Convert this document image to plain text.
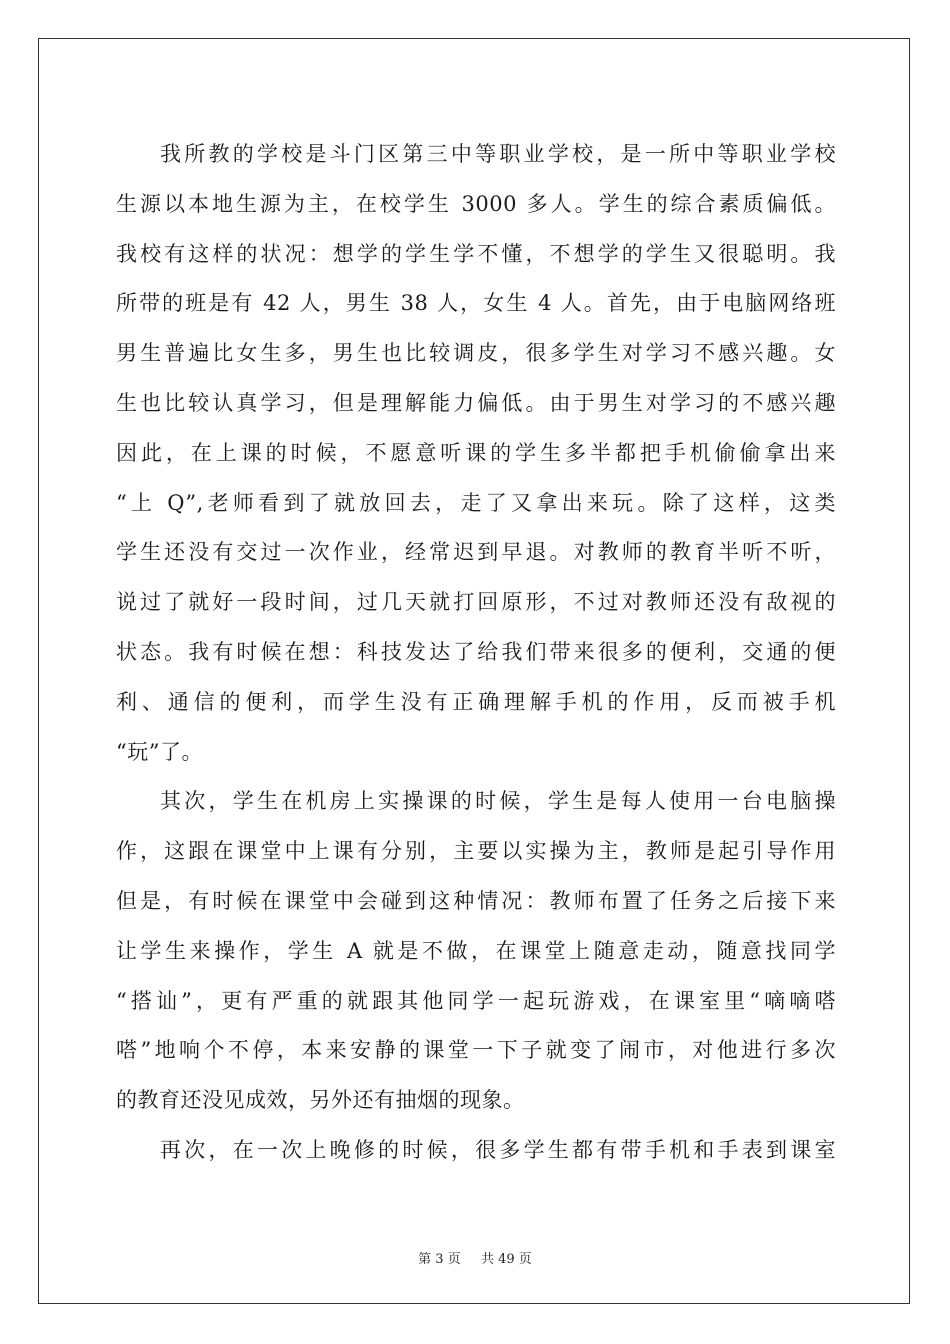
我所教的学校是斗门区第三中等职业学校，是一所中等职业学校
生源以本地生源为主，在校学生 3000 多人。学生的综合素质偏低。
我校有这样的状况：想学的学生学不懂，不想学的学生又很聪明。我
所带的班是有 42 人，男生 38 人，女生 4 人。首先，由于电脑网络班
男生普遍比女生多，男生也比较调皮，很多学生对学习不感兴趣。女
生也比较认真学习，但是理解能力偏低。由于男生对学习的不感兴趣
因此，在上课的时候，不愿意听课的学生多半都把手机偷偷拿出来
“上 Q”,老师看到了就放回去，走了又拿出来玩。除了这样，这类
学生还没有交过一次作业，经常迟到早退。对教师的教育半听不听，
说过了就好一段时间，过几天就打回原形，不过对教师还没有敌视的
状态。我有时候在想：科技发达了给我们带来很多的便利，交通的便
利、通信的便利，而学生没有正确理解手机的作用，反而被手机
“玩”了。
其次，学生在机房上实操课的时候，学生是每人使用一台电脑操
作，这跟在课堂中上课有分别，主要以实操为主，教师是起引导作用
但是，有时候在课堂中会碰到这种情况：教师布置了任务之后接下来
让学生来操作，学生 A 就是不做，在课堂上随意走动，随意找同学
“搭讪”，更有严重的就跟其他同学一起玩游戏，在课室里“嘀嘀嗒
嗒”地响个不停，本来安静的课堂一下子就变了闹市，对他进行多次
的教育还没见成效，另外还有抽烟的现象。
再次，在一次上晚修的时候，很多学生都有带手机和手表到课室
第 3 页 共 49 页
